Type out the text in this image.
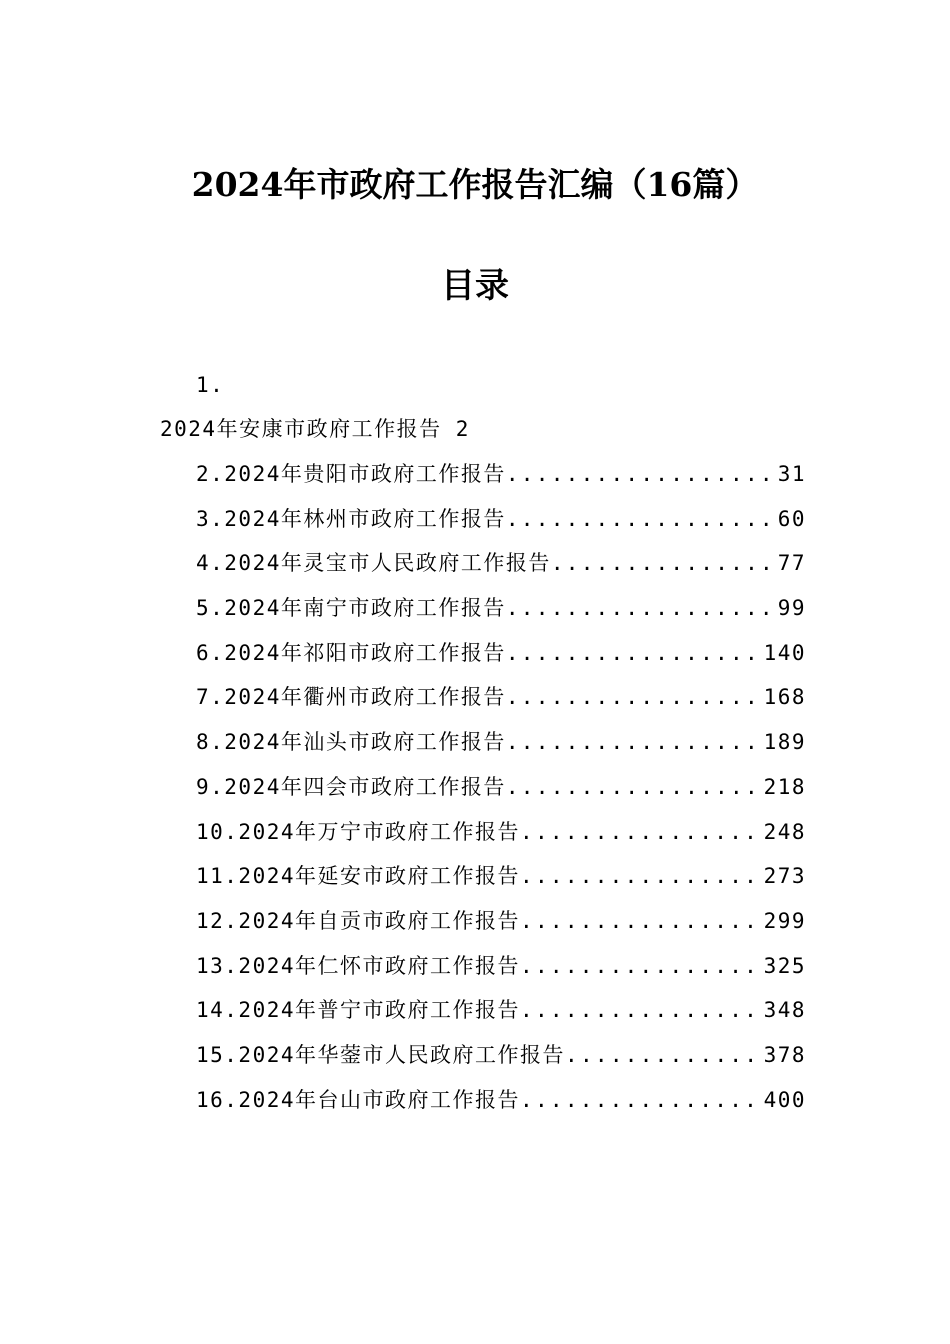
2024年市政府工作报告汇编（16篇）
目录
1.
2024年安康市政府工作报告 2
2.2024年贵阳市政府工作报告 .....	31
3.2024年林州市政府工作报告 .....	60
4.2024年灵宝市人民政府工作报告 .....	77
5.2024年南宁市政府工作报告 .....	99
6.2024年祁阳市政府工作报告 .....	140
7.2024年衢州市政府工作报告 .....	168
8.2024年汕头市政府工作报告 .....	189
9.2024年四会市政府工作报告 .....	218
10.2024年万宁市政府工作报告 .....	248
11.2024年延安市政府工作报告 .....	273
12.2024年自贡市政府工作报告 .....	299
13.2024年仁怀市政府工作报告 .....	325
14.2024年普宁市政府工作报告 .....	348
15.2024年华蓥市人民政府工作报告 .....	378
16.2024年台山市政府工作报告 .....	400
